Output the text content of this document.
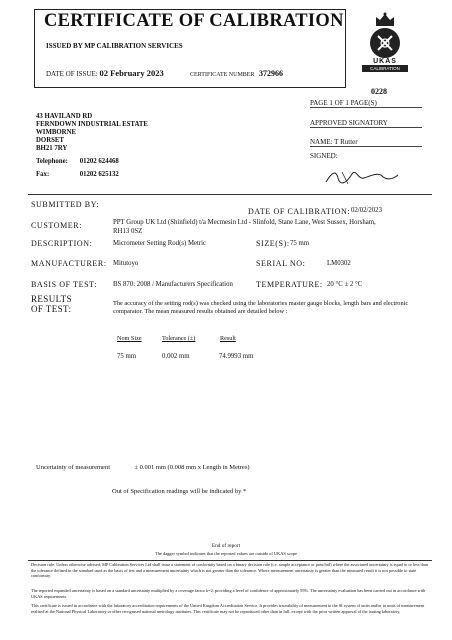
CERTIFICATE OF CALIBRATION
ISSUED BY MP CALIBRATION SERVICES
DATE OF ISSUE: 02 February 2023	CERTIFICATE NUMBER 372966
UKAS
CALIBRATION
0228
43 HAVILAND RD
FERNDOWN INDUSTRIAL ESTATE
WIMBORNE
DORSET
BH21 7RY
Telephone: 01202 624468
Fax:	01202 625132
PAGE 1 OF 1 PAGE(S)
APPROVED SIGNATORY
NAME: T Rutter
SIGNED:
SUBMITTED BY:
DATE OF CALIBRATION: 02/02/2023
CUSTOMER:	PPT Group UK Ltd (Shinfield) t/a Mecmesin Ltd - Slinfold, Stane Lane, West Sussex, Horsham,
RH13 0SZ
DESCRIPTION:	Micrometer Setting Rod(s) Metric	SIZE(S): 75 mm
MANUFACTURER: Mitutoyo	SERIAL NO:	LM0302
BASIS OF TEST: BS 870: 2008 / Manufacturers Specification	TEMPERATURE: 20 °C ± 2 °C
RESULTS
OF TEST:
The accuracy of the setting rod(s) was checked using the laboratories master gauge blocks, length bars and electronic comparator. The mean measured results obtained are detailed below :
Nom Size	Tolerance (±)	Result
75 mm	0.002 mm	74.9993 mm
Uncertainty of measurement	± 0.001 mm (0.008 mm x Length in Metres)
Out of Specification readings will be indicated by *
End of report
The dagger symbol indicates that the reported values are outside of UKAS scope
Decision rule: Unless otherwise advised, MP Calibration Services Ltd shall issue a statement of conformity based on a binary decision rule (i.e. simple acceptance or pass/fail) where the associated uncertainty is equal to or less than the tolerance defined in the standard used as the basis of test and a measurement uncertainty which is not greater than the tolerance. Where measurement uncertainty is greater than the measured result it is not possible to state conformity.
The reported expanded uncertainty is based on a standard uncertainty multiplied by a coverage factor k=2, providing a level of confidence of approximately 95%. The uncertainty evaluation has been carried out in accordance with UKAS requirements.
This certificate is issued in accordance with the laboratory accreditation requirements of the United Kingdom Accreditation Service. It provides traceability of measurement to the SI system of units and/or to units of measurement realised at the National Physical Laboratory or other recognised national metrology institutes. This certificate may not be reproduced other than in full, except with the prior written approval of the issuing laboratory.
